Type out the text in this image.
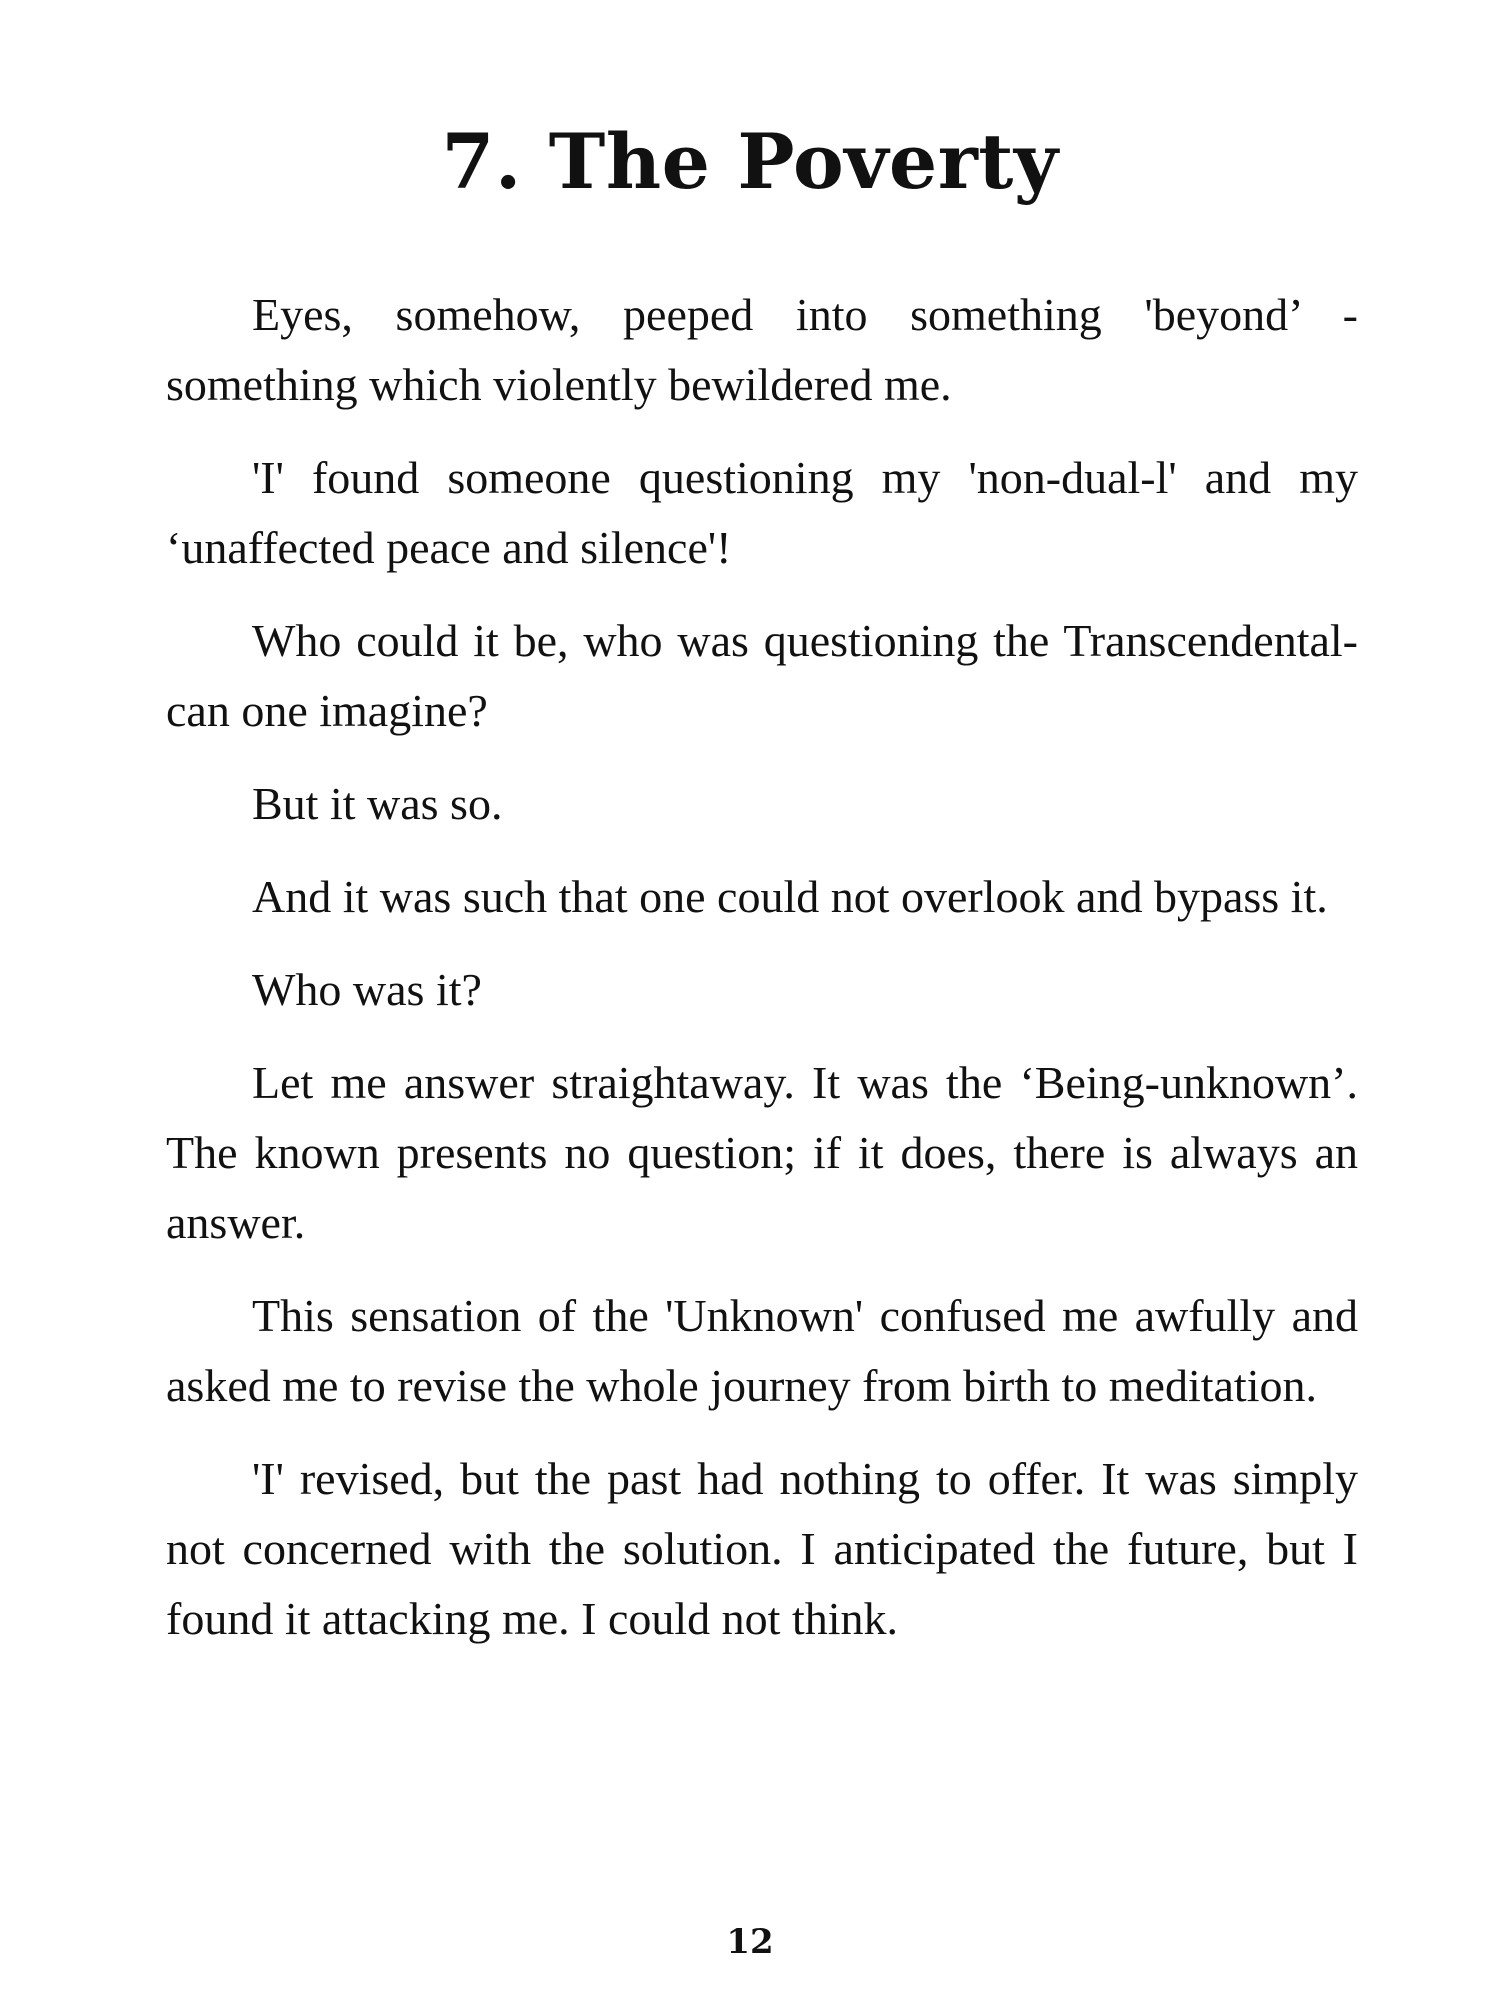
7. The Poverty

Eyes, somehow, peeped into something 'beyond’ -something which violently bewildered me.

'I' found someone questioning my 'non-dual-l' and my ‘unaffected peace and silence'!

Who could it be, who was questioning the Transcendental- can one imagine?

But it was so.

And it was such that one could not overlook and bypass it.

Who was it?

Let me answer straightaway. It was the ‘Being-unknown’. The known presents no question; if it does, there is always an answer.

This sensation of the 'Unknown' confused me awfully and asked me to revise the whole journey from birth to meditation.

'I' revised, but the past had nothing to offer. It was simply not concerned with the solution. I anticipated the future, but I found it attacking me. I could not think.

12
